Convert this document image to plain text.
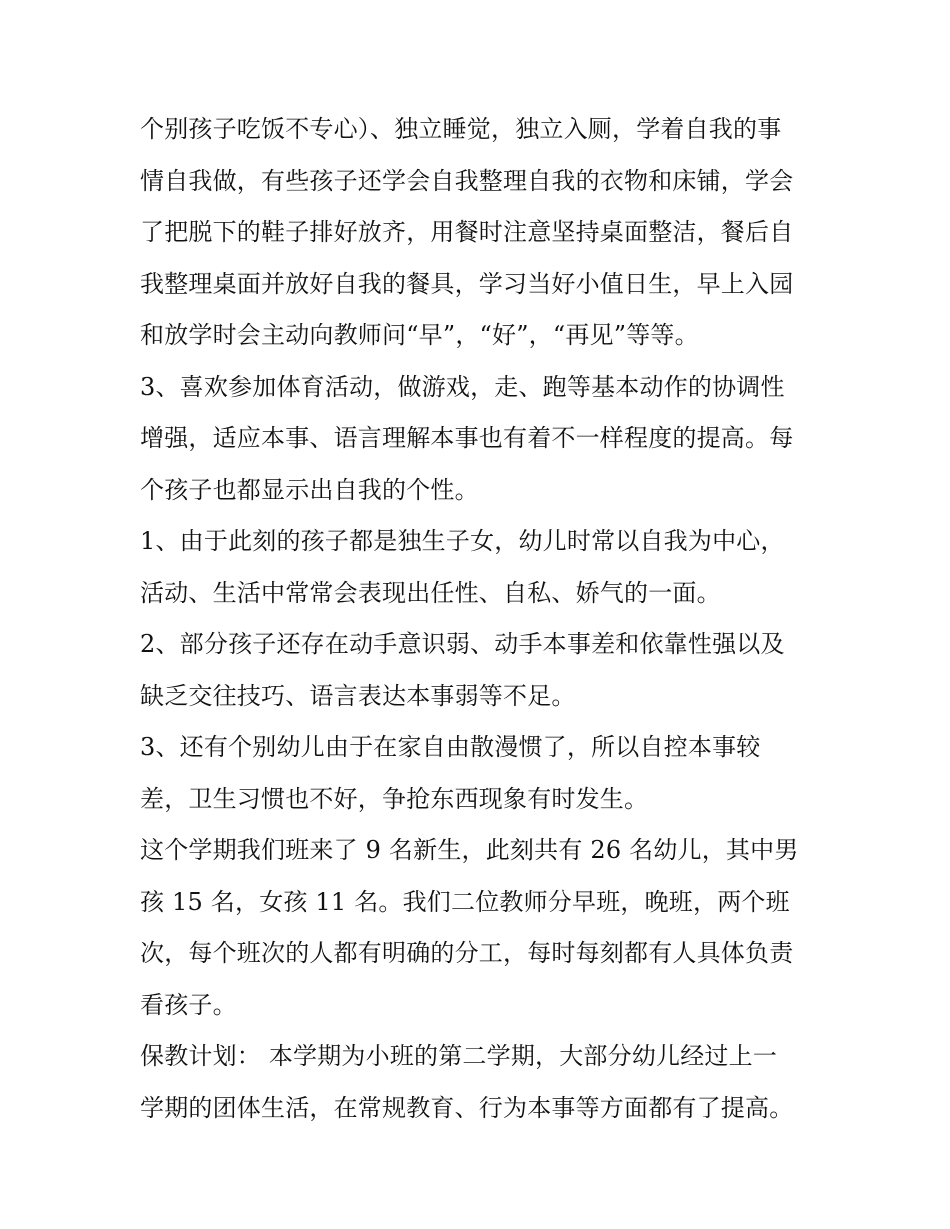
个别孩子吃饭不专心）、独立睡觉，独立入厕，学着自我的事
情自我做，有些孩子还学会自我整理自我的衣物和床铺，学会
了把脱下的鞋子排好放齐，用餐时注意坚持桌面整洁，餐后自
我整理桌面并放好自我的餐具，学习当好小值日生，早上入园
和放学时会主动向教师问“早”，“好”，“再见”等等。
3、喜欢参加体育活动，做游戏，走、跑等基本动作的协调性
增强，适应本事、语言理解本事也有着不一样程度的提高。每
个孩子也都显示出自我的个性。
1、由于此刻的孩子都是独生子女，幼儿时常以自我为中心，
活动、生活中常常会表现出任性、自私、娇气的一面。
2、部分孩子还存在动手意识弱、动手本事差和依靠性强以及
缺乏交往技巧、语言表达本事弱等不足。
3、还有个别幼儿由于在家自由散漫惯了，所以自控本事较
差，卫生习惯也不好，争抢东西现象有时发生。
这个学期我们班来了 9 名新生，此刻共有 26 名幼儿，其中男
孩 15 名，女孩 11 名。我们二位教师分早班，晚班，两个班
次，每个班次的人都有明确的分工，每时每刻都有人具体负责
看孩子。
保教计划： 本学期为小班的第二学期，大部分幼儿经过上一
学期的团体生活，在常规教育、行为本事等方面都有了提高。
